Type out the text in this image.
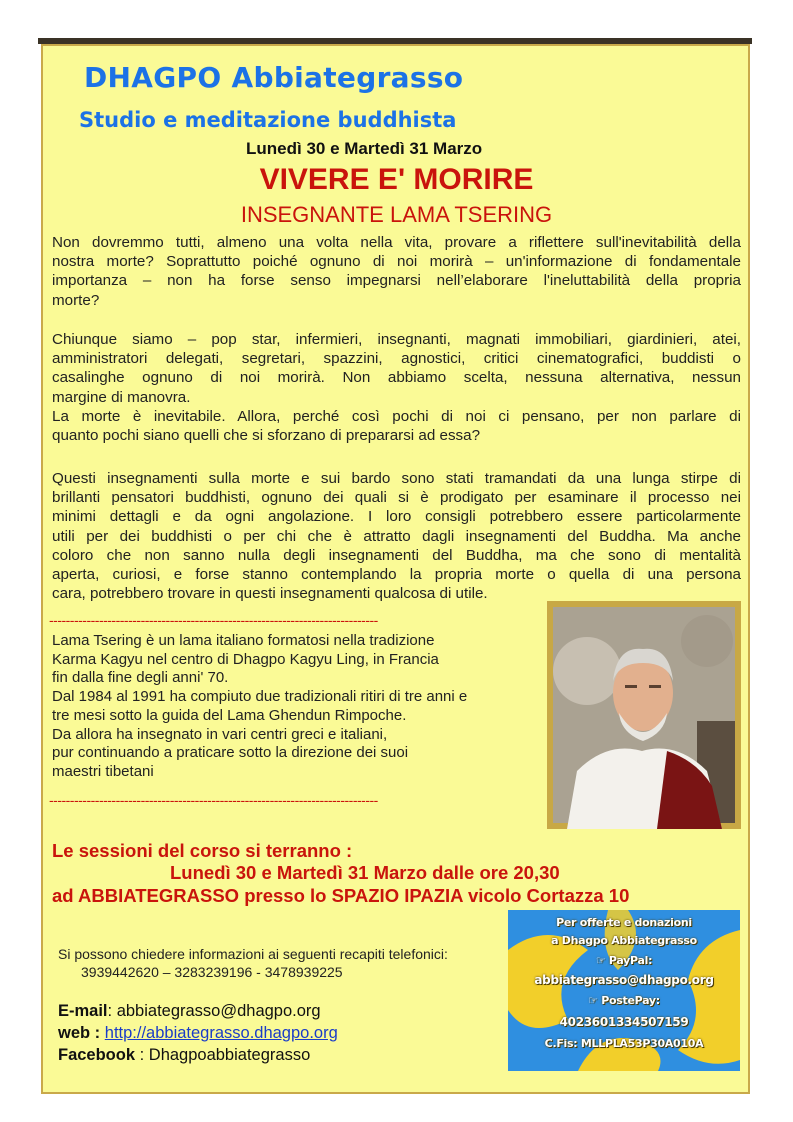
DHAGPO Abbiategrasso
Studio e meditazione buddhista
Lunedì 30 e Martedì 31 Marzo
VIVERE E' MORIRE
INSEGNANTE LAMA TSERING
Non dovremmo tutti, almeno una volta nella vita, provare a riflettere sull'inevitabilità della
nostra morte? Soprattutto poiché ognuno di noi morirà – un'informazione di fondamentale
importanza – non ha forse senso impegnarsi nell’elaborare l'ineluttabilità della propria
morte?
Chiunque siamo – pop star, infermieri, insegnanti, magnati immobiliari, giardinieri, atei,
amministratori delegati, segretari, spazzini, agnostici, critici cinematografici, buddisti o
casalinghe ognuno di noi morirà. Non abbiamo scelta, nessuna alternativa, nessun
margine di manovra.
La morte è inevitabile. Allora, perché così pochi di noi ci pensano, per non parlare di
quanto pochi siano quelli che si sforzano di prepararsi ad essa?
Questi insegnamenti sulla morte e sui bardo sono stati tramandati da una lunga stirpe di
brillanti pensatori buddhisti, ognuno dei quali si è prodigato per esaminare il processo nei
minimi dettagli e da ogni angolazione. I loro consigli potrebbero essere particolarmente
utili per dei buddhisti o per chi che è attratto dagli insegnamenti del Buddha. Ma anche
coloro che non sanno nulla degli insegnamenti del Buddha, ma che sono di mentalità
aperta, curiosi, e forse stanno contemplando la propria morte o quella di una persona
cara, potrebbero trovare in questi insegnamenti qualcosa di utile.
-------------------------------------------------------------------------------
Lama Tsering è un lama italiano formatosi nella tradizione
Karma Kagyu nel centro di Dhagpo Kagyu Ling, in Francia
fin dalla fine degli anni' 70.
Dal 1984 al 1991 ha compiuto due tradizionali ritiri di tre anni e
tre mesi sotto la guida del Lama Ghendun Rimpoche.
Da allora ha insegnato in vari centri greci e italiani,
pur continuando a praticare sotto la direzione dei suoi
maestri tibetani
-------------------------------------------------------------------------------
Le sessioni del corso si terranno :
Lunedì 30 e Martedì 31 Marzo dalle ore 20,30
ad ABBIATEGRASSO presso lo SPAZIO IPAZIA vicolo Cortazza 10
Si possono chiedere informazioni ai seguenti recapiti telefonici:
3939442620 – 3283239196 - 3478939225
E-mail: abbiategrasso@dhagpo.org
web : http://abbiategrasso.dhagpo.org
Facebook : Dhagpoabbiategrasso
Per offerte e donazioni
a Dhagpo Abbiategrasso
☞ PayPal:
abbiategrasso@dhagpo.org
☞ PostePay:
4023601334507159
C.Fis: MLLPLA53P30A010A
